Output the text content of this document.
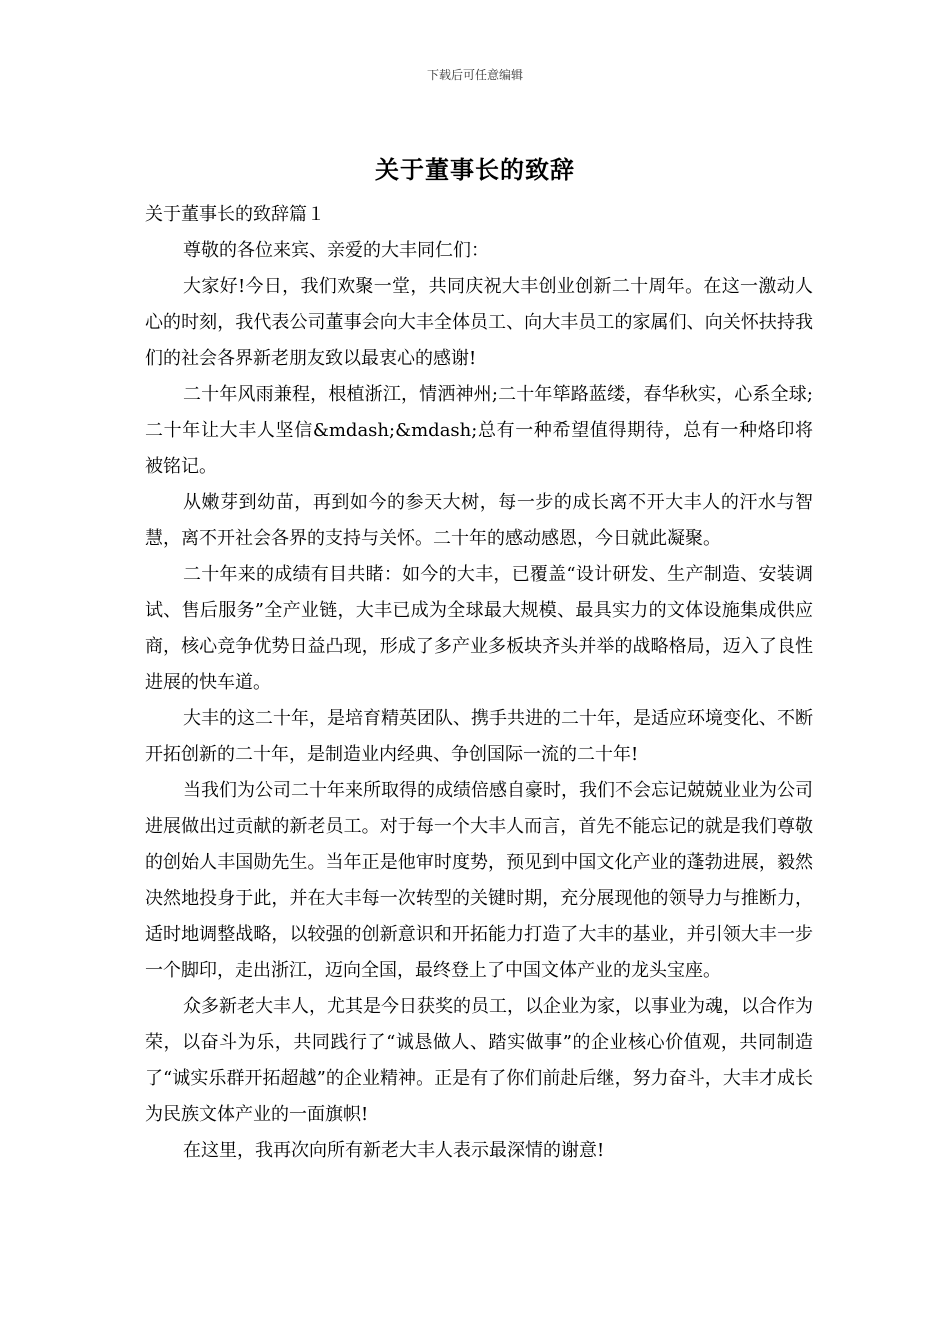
下载后可任意编辑
关于董事长的致辞

关于董事长的致辞篇１

尊敬的各位来宾、亲爱的大丰同仁们：

大家好!今日，我们欢聚一堂，共同庆祝大丰创业创新二十周年。在这一激动人心的时刻，我代表公司董事会向大丰全体员工、向大丰员工的家属们、向关怀扶持我们的社会各界新老朋友致以最衷心的感谢!

二十年风雨兼程，根植浙江，情洒神州;二十年筚路蓝缕，春华秋实，心系全球;二十年让大丰人坚信&mdash;&mdash;总有一种希望值得期待，总有一种烙印将被铭记。

从嫩芽到幼苗，再到如今的参天大树，每一步的成长离不开大丰人的汗水与智慧，离不开社会各界的支持与关怀。二十年的感动感恩，今日就此凝聚。

二十年来的成绩有目共睹：如今的大丰，已覆盖“设计研发、生产制造、安装调试、售后服务”全产业链，大丰已成为全球最大规模、最具实力的文体设施集成供应商，核心竞争优势日益凸现，形成了多产业多板块齐头并举的战略格局，迈入了良性进展的快车道。

大丰的这二十年，是培育精英团队、携手共进的二十年，是适应环境变化、不断开拓创新的二十年，是制造业内经典、争创国际一流的二十年!

当我们为公司二十年来所取得的成绩倍感自豪时，我们不会忘记兢兢业业为公司进展做出过贡献的新老员工。对于每一个大丰人而言，首先不能忘记的就是我们尊敬的创始人丰国勋先生。当年正是他审时度势，预见到中国文化产业的蓬勃进展，毅然决然地投身于此，并在大丰每一次转型的关键时期，充分展现他的领导力与推断力，适时地调整战略，以较强的创新意识和开拓能力打造了大丰的基业，并引领大丰一步一个脚印，走出浙江，迈向全国，最终登上了中国文体产业的龙头宝座。

众多新老大丰人，尤其是今日获奖的员工，以企业为家，以事业为魂，以合作为荣，以奋斗为乐，共同践行了“诚恳做人、踏实做事”的企业核心价值观，共同制造了“诚实乐群开拓超越”的企业精神。正是有了你们前赴后继，努力奋斗，大丰才成长为民族文体产业的一面旗帜!

在这里，我再次向所有新老大丰人表示最深情的谢意!
